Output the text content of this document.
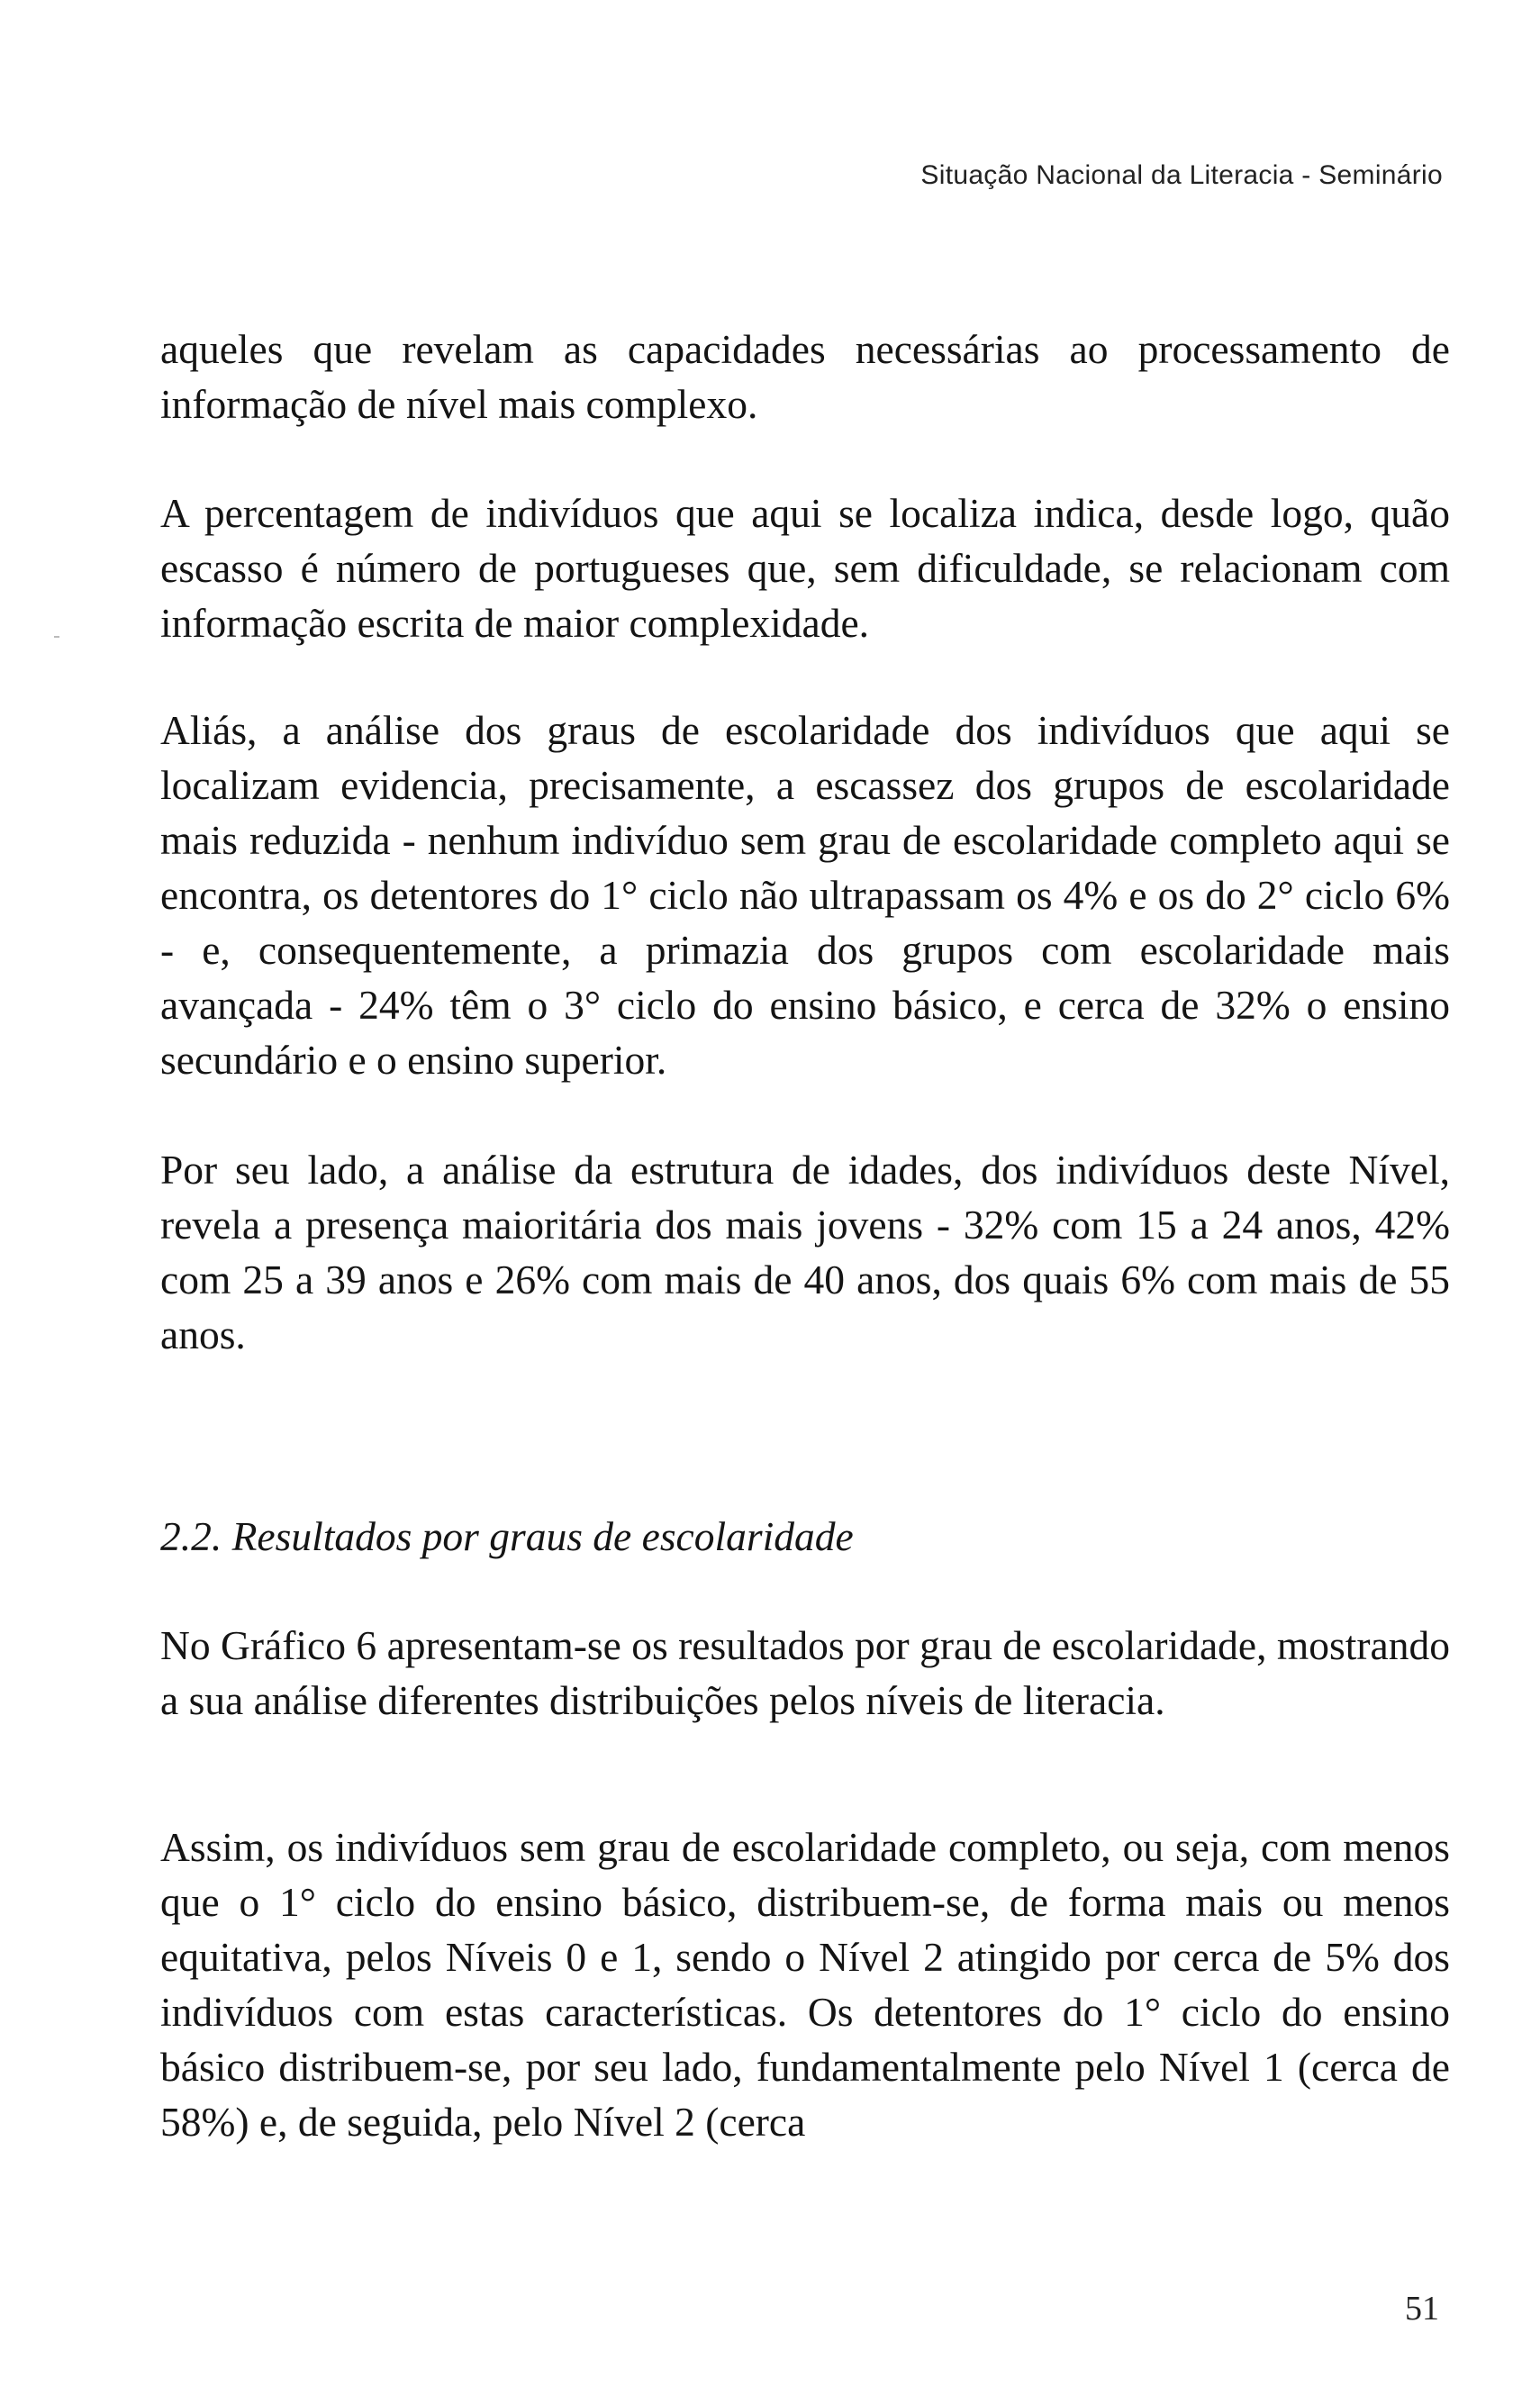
Situação Nacional da Literacia - Seminário

aqueles que revelam as capacidades necessárias ao processamento de informação de nível mais complexo.

A percentagem de indivíduos que aqui se localiza indica, desde logo, quão escasso é número de portugueses que, sem dificuldade, se relacionam com informação escrita de maior complexidade.

Aliás, a análise dos graus de escolaridade dos indivíduos que aqui se localizam evidencia, precisamente, a escassez dos grupos de escolaridade mais reduzida - nenhum indivíduo sem grau de escolaridade completo aqui se encontra, os detentores do 1° ciclo não ultrapassam os 4% e os do 2° ciclo 6% - e, consequentemente, a primazia dos grupos com escolaridade mais avançada - 24% têm o 3° ciclo do ensino básico, e cerca de 32% o ensino secundário e o ensino superior.

Por seu lado, a análise da estrutura de idades, dos indivíduos deste Nível, revela a presença maioritária dos mais jovens - 32% com 15 a 24 anos, 42% com 25 a 39 anos e 26% com mais de 40 anos, dos quais 6% com mais de 55 anos.

2.2. Resultados por graus de escolaridade

No Gráfico 6 apresentam-se os resultados por grau de escolaridade, mostrando a sua análise diferentes distribuições pelos níveis de literacia.

Assim, os indivíduos sem grau de escolaridade completo, ou seja, com menos que o 1° ciclo do ensino básico, distribuem-se, de forma mais ou menos equitativa, pelos Níveis 0 e 1, sendo o Nível 2 atingido por cerca de 5% dos indivíduos com estas características. Os detentores do 1° ciclo do ensino básico distribuem-se, por seu lado, fundamentalmente pelo Nível 1 (cerca de 58%) e, de seguida, pelo Nível 2 (cerca

51
